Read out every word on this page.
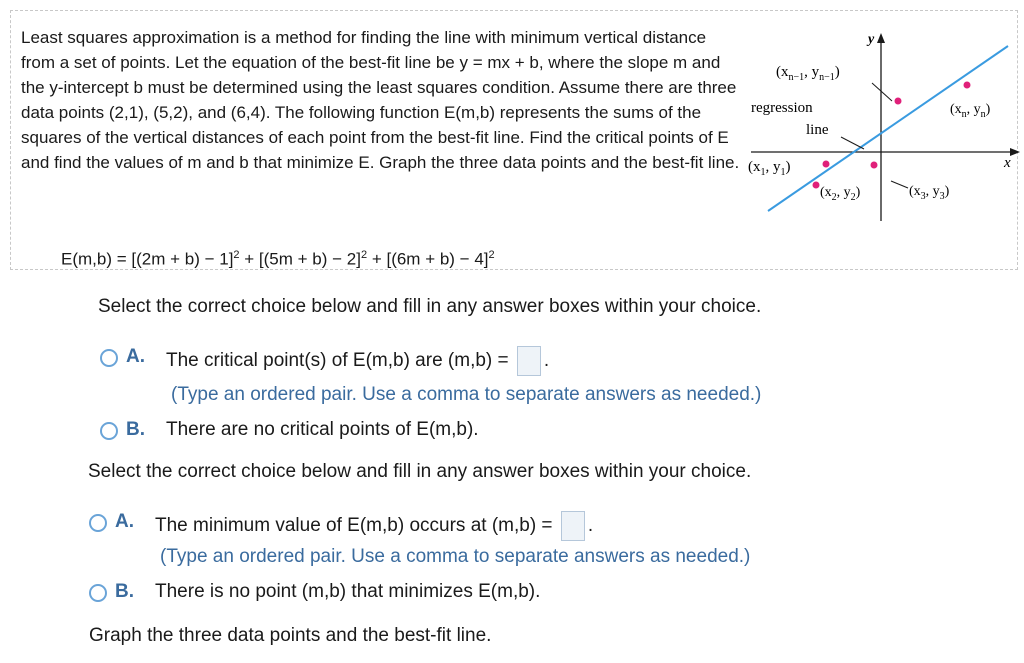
Least squares approximation is a method for finding the line with minimum vertical distance from a set of points. Let the equation of the best-fit line be y = mx + b, where the slope m and the y-intercept b must be determined using the least squares condition. Assume there are three data points (2,1), (5,2), and (6,4). The following function E(m,b) represents the sums of the squares of the vertical distances of each point from the best-fit line. Find the critical points of E and find the values of m and b that minimize E. Graph the three data points and the best-fit line.

y
x
($x_{n-1}$, $y_{n-1}$)
($x_n$, $y_n$)
($x_1$, $y_1$)
($x_2$, $y_2$)	($x_3$, $y_3$)
regression
line
$E(m,b) = [(2m + b) - 1]^2 + [(5m + b) - 2]^2 + [(6m + b) - 4]^2$
Select the correct choice below and fill in any answer boxes within your choice.
A.	The critical point(s) of E(m,b) are (m,b) = .
(Type an ordered pair. Use a comma to separate answers as needed.)
B.	There are no critical points of E(m,b).
Select the correct choice below and fill in any answer boxes within your choice.
A.	The minimum value of E(m,b) occurs at (m,b) = .
(Type an ordered pair. Use a comma to separate answers as needed.)
B.	There is no point (m,b) that minimizes E(m,b).
Graph the three data points and the best-fit line.
